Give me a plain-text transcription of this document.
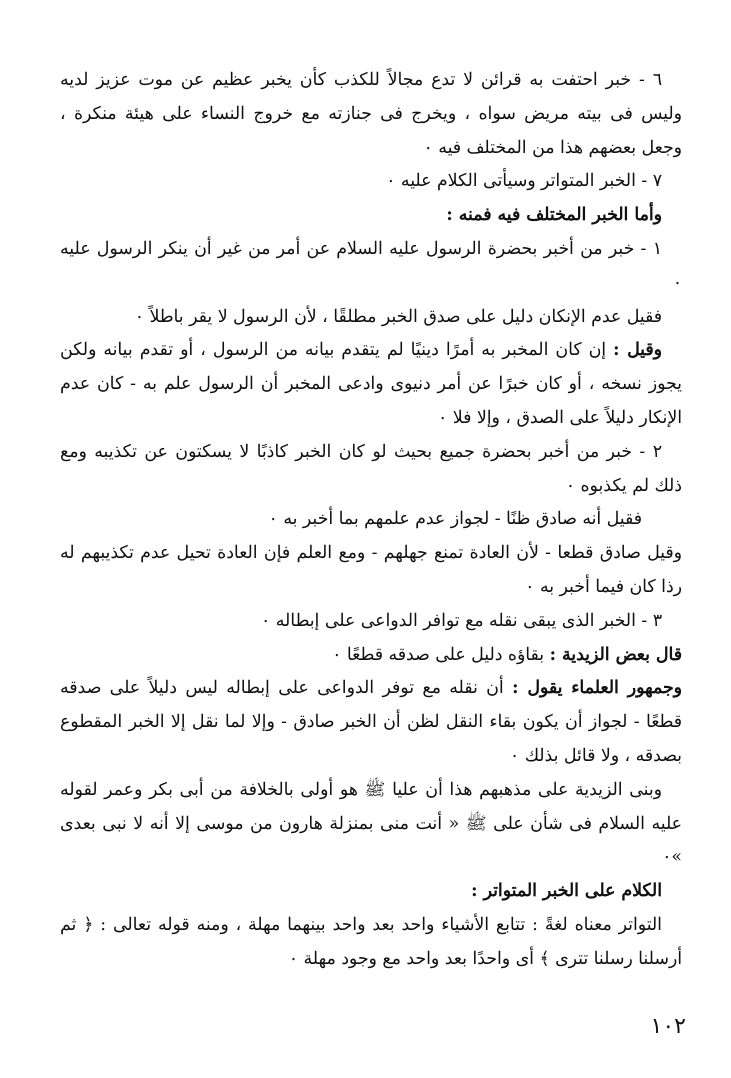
٦ - خبر احتفت به قرائن لا تدع مجالاً للكذب كأن يخبر عظيم عن موت عزيز لديه وليس فى بيته مريض سواه ، ويخرج فى جنازته مع خروج النساء على هيئة منكرة ، وجعل بعضهم هذا من المختلف فيه ٠

٧ - الخبر المتواتر وسيأتى الكلام عليه ٠

وأما الخبر المختلف فيه فمنه :

١ - خبر من أخبر بحضرة الرسول عليه السلام عن أمر من غير أن ينكر الرسول عليه ٠

فقيل عدم الإنكان دليل على صدق الخبر مطلقًا ، لأن الرسول لا يقر باطلاً ٠

وقيل : إن كان المخبر به أمرًا دينيًا لم يتقدم بيانه من الرسول ، أو تقدم بيانه ولكن يجوز نسخه ، أو كان خبرًا عن أمر دنيوى وادعى المخبر أن الرسول علم به - كان عدم الإنكار دليلاً على الصدق ، وإلا فلا ٠

٢ - خبر من أخبر بحضرة جميع بحيث لو كان الخبر كاذبًا لا يسكتون عن تكذيبه ومع ذلك لم يكذبوه ٠

فقيل أنه صادق ظنًا - لجواز عدم علمهم بما أخبر به ٠

وقيل صادق قطعا - لأن العادة تمنع جهلهم - ومع العلم فإن العادة تحيل عدم تكذيبهم له رذا كان فيما أخبر به ٠

٣ - الخبر الذى يبقى نقله مع توافر الدواعى على إبطاله ٠

قال بعض الزيدية : بقاؤه دليل على صدقه قطعًا ٠

وجمهور العلماء يقول : أن نقله مع توفر الدواعى على إبطاله ليس دليلاً على صدقه قطعًا - لجواز أن يكون بقاء النقل لظن أن الخبر صادق - وإلا لما نقل إلا الخبر المقطوع بصدقه ، ولا قائل بذلك ٠

وبنى الزيدية على مذهبهم هذا أن عليا ﷺ هو أولى بالخلافة من أبى بكر وعمر لقوله عليه السلام فى شأن على ﷺ « أنت منى بمنزلة هارون من موسى إلا أنه لا نبى بعدى »٠

الكلام على الخبر المتواتر :

التواتر معناه لغةً : تتابع الأشياء واحد بعد واحد بينهما مهلة ، ومنه قوله تعالى : ﴿ ثم أرسلنا رسلنا تترى ﴾ أى واحدًا بعد واحد مع وجود مهلة ٠

١٠٢
